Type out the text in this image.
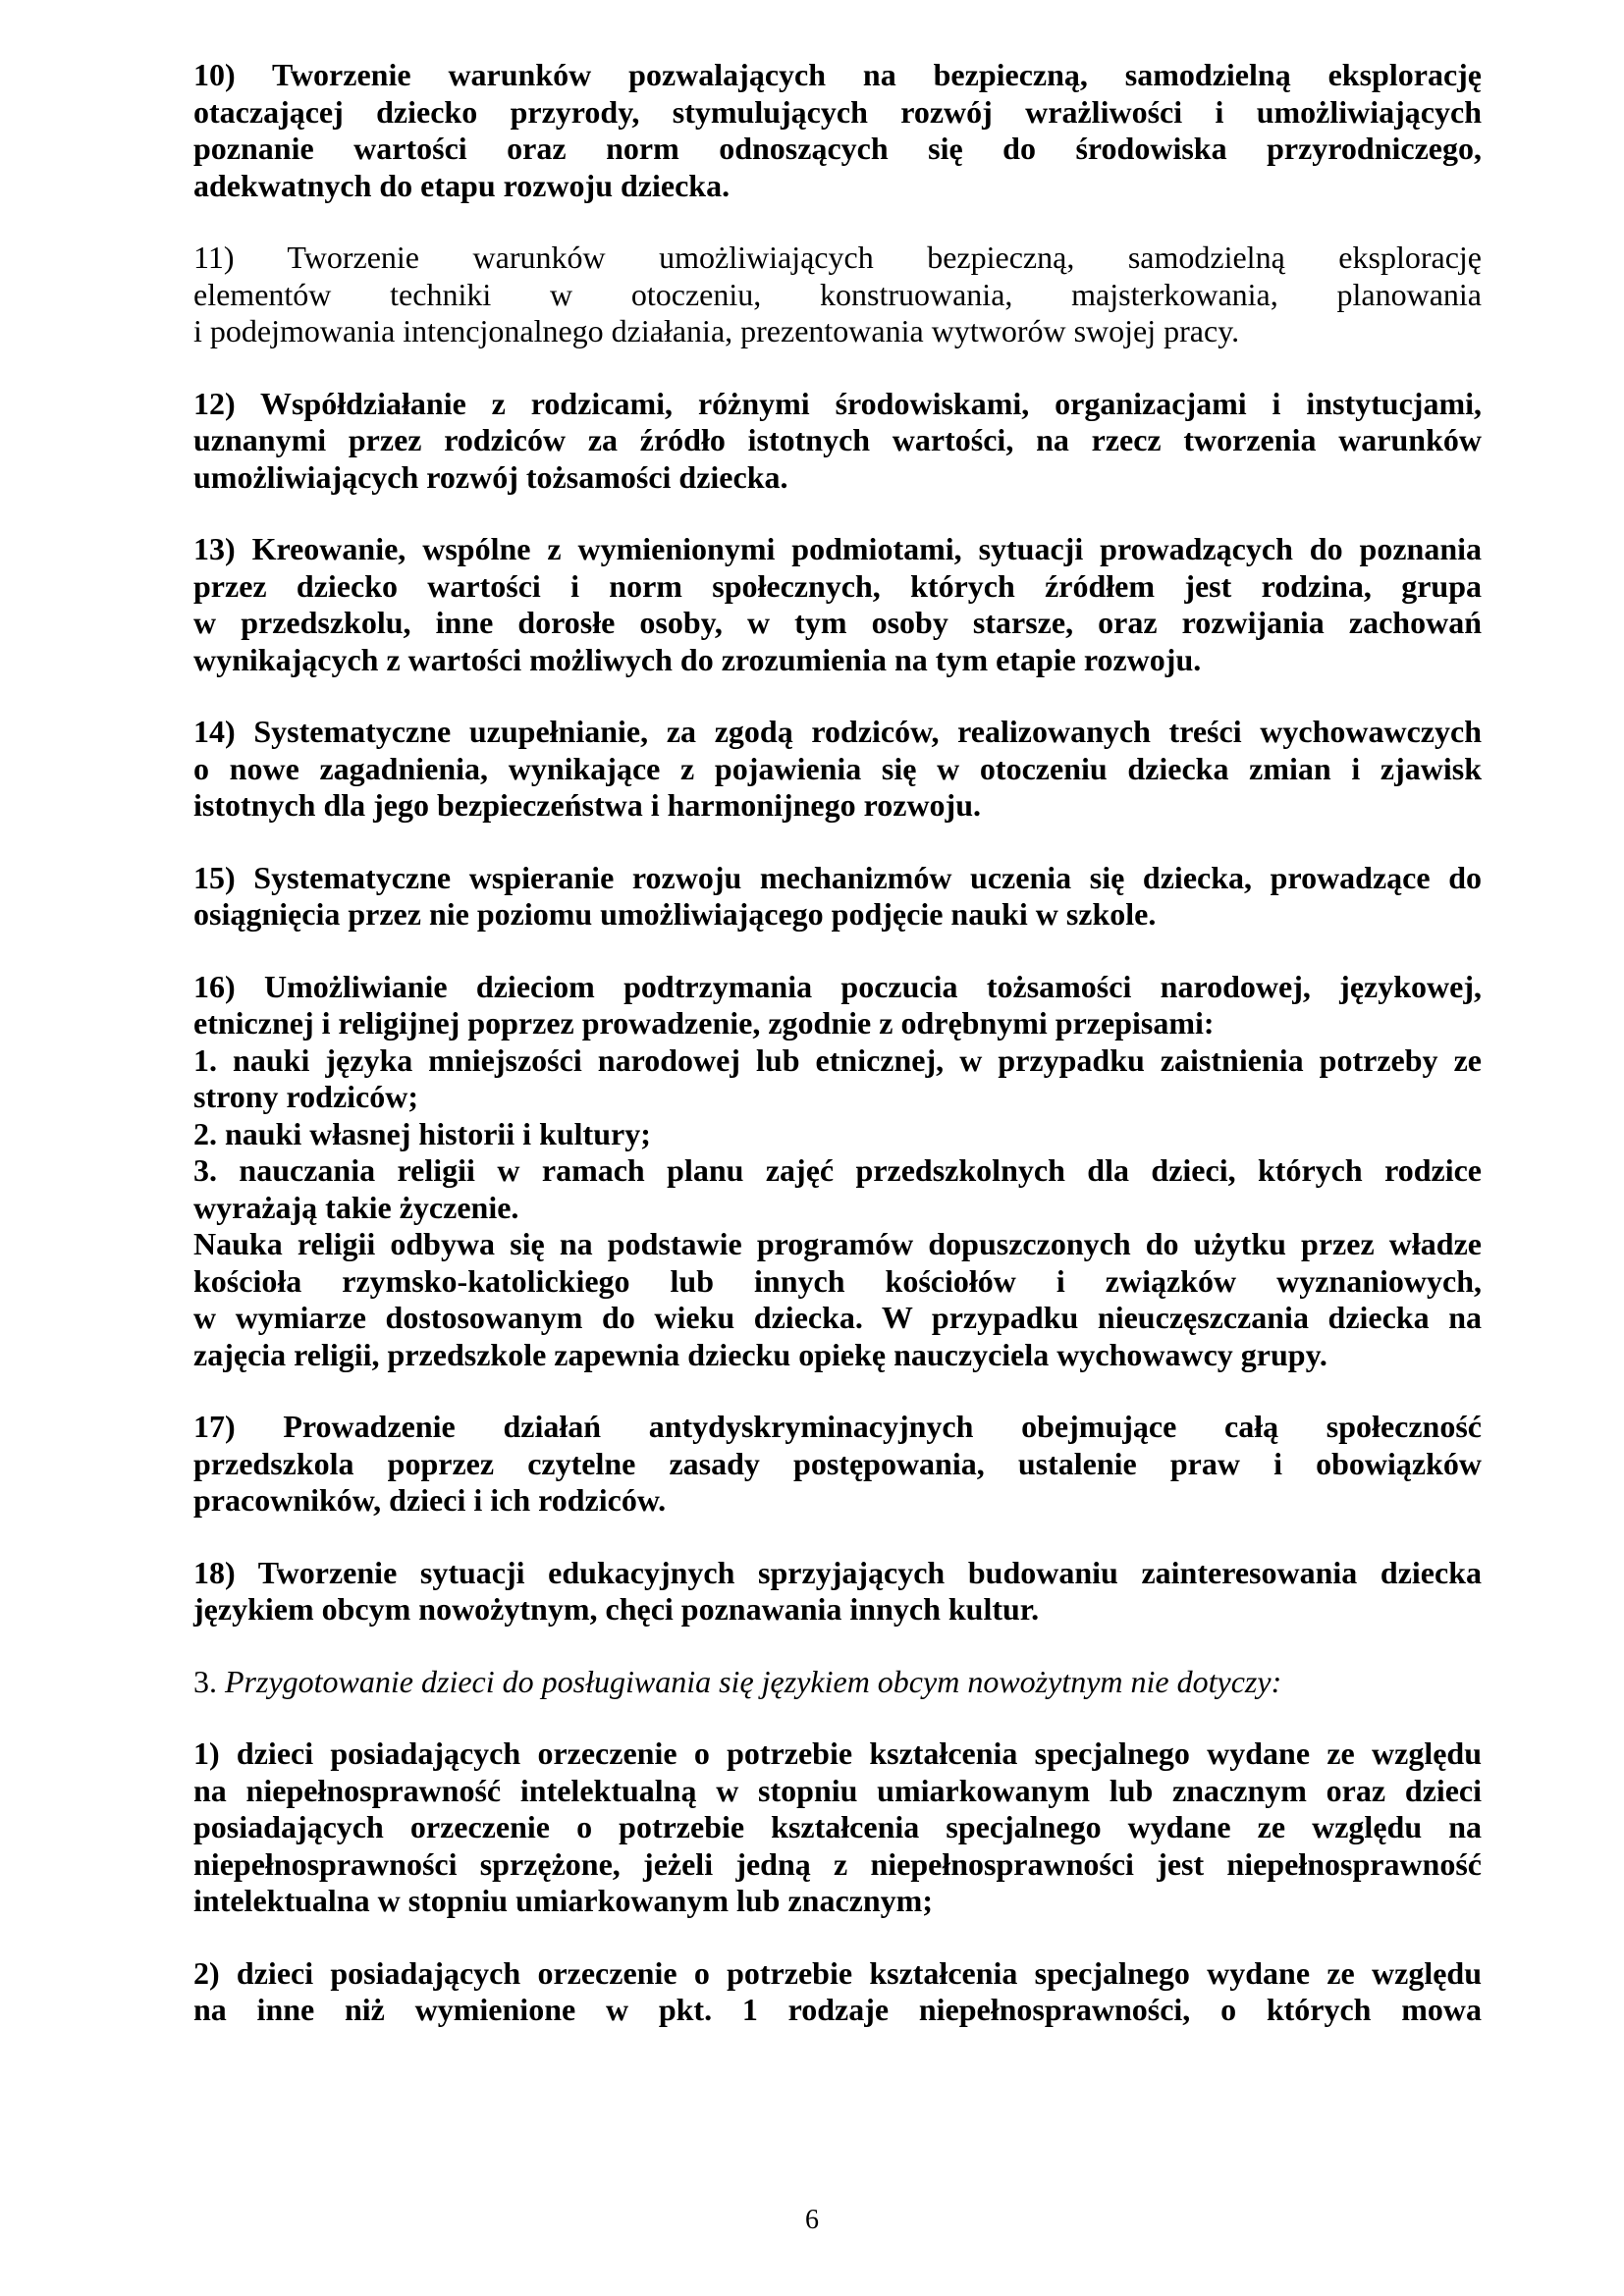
10) Tworzenie warunków pozwalających na bezpieczną, samodzielną eksplorację
otaczającej dziecko przyrody, stymulujących rozwój wrażliwości i umożliwiających
poznanie wartości oraz norm odnoszących się do środowiska przyrodniczego,
adekwatnych do etapu rozwoju dziecka.
11) Tworzenie warunków umożliwiających bezpieczną, samodzielną eksplorację
elementów techniki w otoczeniu, konstruowania, majsterkowania, planowania
i podejmowania intencjonalnego działania, prezentowania wytworów swojej pracy.
12) Współdziałanie z rodzicami, różnymi środowiskami, organizacjami i instytucjami,
uznanymi przez rodziców za źródło istotnych wartości, na rzecz tworzenia warunków
umożliwiających rozwój tożsamości dziecka.
13) Kreowanie, wspólne z wymienionymi podmiotami, sytuacji prowadzących do poznania
przez dziecko wartości i norm społecznych, których źródłem jest rodzina, grupa
w przedszkolu, inne dorosłe osoby, w tym osoby starsze, oraz rozwijania zachowań
wynikających z wartości możliwych do zrozumienia na tym etapie rozwoju.
14) Systematyczne uzupełnianie, za zgodą rodziców, realizowanych treści wychowawczych
o nowe zagadnienia, wynikające z pojawienia się w otoczeniu dziecka zmian i zjawisk
istotnych dla jego bezpieczeństwa i harmonijnego rozwoju.
15) Systematyczne wspieranie rozwoju mechanizmów uczenia się dziecka, prowadzące do
osiągnięcia przez nie poziomu umożliwiającego podjęcie nauki w szkole.
16) Umożliwianie dzieciom podtrzymania poczucia tożsamości narodowej, językowej,
etnicznej i religijnej poprzez prowadzenie, zgodnie z odrębnymi przepisami:
1. nauki języka mniejszości narodowej lub etnicznej, w przypadku zaistnienia potrzeby ze
strony rodziców;
2. nauki własnej historii i kultury;
3. nauczania religii w ramach planu zajęć przedszkolnych dla dzieci, których rodzice
wyrażają takie życzenie.
Nauka religii odbywa się na podstawie programów dopuszczonych do użytku przez władze
kościoła rzymsko-katolickiego lub innych kościołów i związków wyznaniowych,
w wymiarze dostosowanym do wieku dziecka. W przypadku nieuczęszczania dziecka na
zajęcia religii, przedszkole zapewnia dziecku opiekę nauczyciela wychowawcy grupy.
17) Prowadzenie działań antydyskryminacyjnych obejmujące całą społeczność
przedszkola poprzez czytelne zasady postępowania, ustalenie praw i obowiązków
pracowników, dzieci i ich rodziców.
18) Tworzenie sytuacji edukacyjnych sprzyjających budowaniu zainteresowania dziecka
językiem obcym nowożytnym, chęci poznawania innych kultur.
3. Przygotowanie dzieci do posługiwania się językiem obcym nowożytnym nie dotyczy:
1) dzieci posiadających orzeczenie o potrzebie kształcenia specjalnego wydane ze względu
na niepełnosprawność intelektualną w stopniu umiarkowanym lub znacznym oraz dzieci
posiadających orzeczenie o potrzebie kształcenia specjalnego wydane ze względu na
niepełnosprawności sprzężone, jeżeli jedną z niepełnosprawności jest niepełnosprawność
intelektualna w stopniu umiarkowanym lub znacznym;
2) dzieci posiadających orzeczenie o potrzebie kształcenia specjalnego wydane ze względu
na inne niż wymienione w pkt. 1 rodzaje niepełnosprawności, o których mowa
6
